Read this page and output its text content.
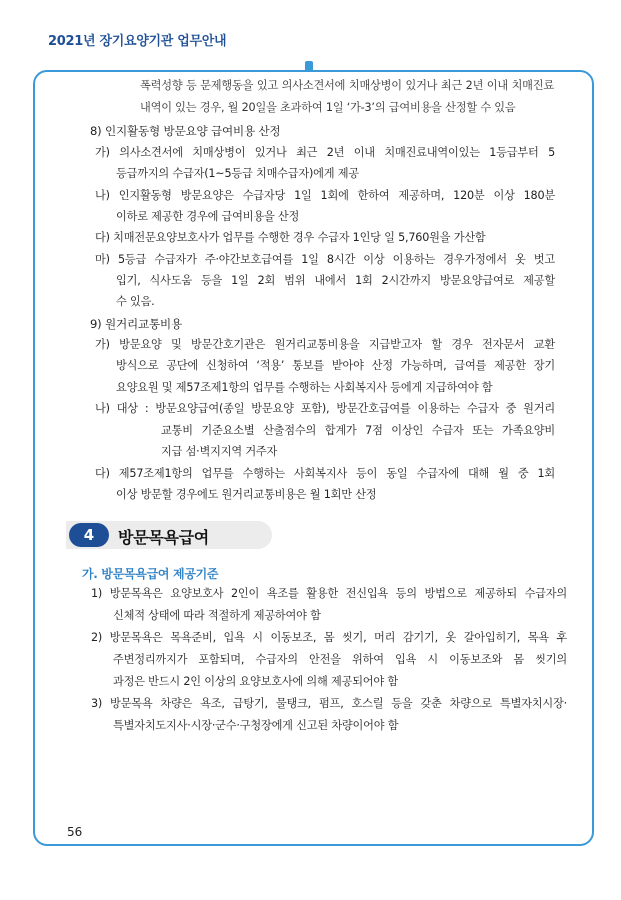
2021년 장기요양기관 업무안내
폭력성향 등 문제행동을 있고 의사소견서에 치매상병이 있거나 최근 2년 이내 치매진료
내역이 있는 경우, 월 20일을 초과하여 1일 ‘가-3’의 급여비용을 산정할 수 있음
8) 인지활동형 방문요양 급여비용 산정
가) 의사소견서에 치매상병이 있거나 최근 2년 이내 치매진료내역이있는 1등급부터 5
등급까지의 수급자(1~5등급 치매수급자)에게 제공
나) 인지활동형 방문요양은 수급자당 1일 1회에 한하여 제공하며, 120분 이상 180분
이하로 제공한 경우에 급여비용을 산정
다) 치매전문요양보호사가 업무를 수행한 경우 수급자 1인당 일 5,760원을 가산함
마) 5등급 수급자가 주·야간보호급여를 1일 8시간 이상 이용하는 경우가정에서 옷 벗고
입기, 식사도움 등을 1일 2회 범위 내에서 1회 2시간까지 방문요양급여로 제공할
수 있음.
9) 원거리교통비용
가) 방문요양 및 방문간호기관은 원거리교통비용을 지급받고자 할 경우 전자문서 교환
방식으로 공단에 신청하여 ‘적용’ 통보를 받아야 산정 가능하며, 급여를 제공한 장기
요양요원 및 제57조제1항의 업무를 수행하는 사회복지사 등에게 지급하여야 함
나) 대상 : 방문요양급여(종일 방문요양 포함), 방문간호급여를 이용하는 수급자 중 원거리
교통비 기준요소별 산출점수의 합계가 7점 이상인 수급자 또는 가족요양비
지급 섬·벽지지역 거주자
다) 제57조제1항의 업무를 수행하는 사회복지사 등이 동일 수급자에 대해 월 중 1회
이상 방문할 경우에도 원거리교통비용은 월 1회만 산정
4	방문목욕급여
가. 방문목욕급여 제공기준
1) 방문목욕은 요양보호사 2인이 욕조를 활용한 전신입욕 등의 방법으로 제공하되 수급자의
신체적 상태에 따라 적절하게 제공하여야 함
2) 방문목욕은 목욕준비, 입욕 시 이동보조, 몸 씻기, 머리 감기기, 옷 갈아입히기, 목욕 후
주변정리까지가 포함되며, 수급자의 안전을 위하여 입욕 시 이동보조와 몸 씻기의
과정은 반드시 2인 이상의 요양보호사에 의해 제공되어야 함
3) 방문목욕 차량은 욕조, 급탕기, 물탱크, 펌프, 호스릴 등을 갖춘 차량으로 특별자치시장·
특별자치도지사·시장·군수·구청장에게 신고된 차량이어야 함
56
